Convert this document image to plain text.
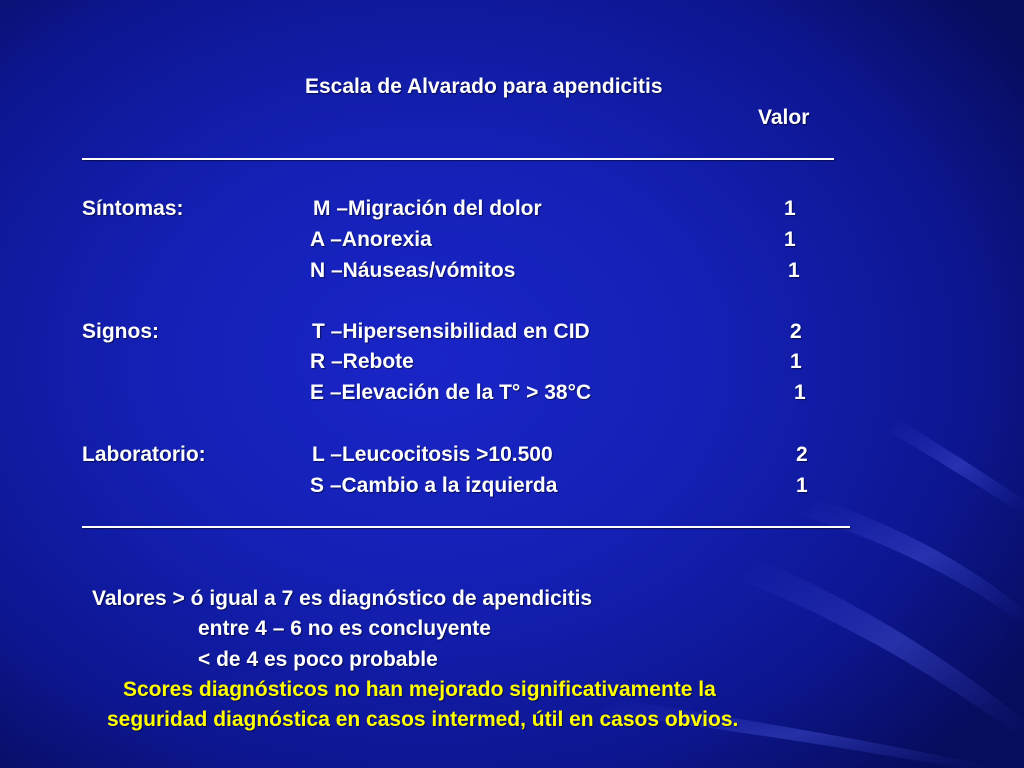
Escala de Alvarado para apendicitis
Valor
Síntomas:	M –Migración del dolor	1
A –Anorexia	1
N –Náuseas/vómitos	1
Signos:	T –Hipersensibilidad en CID	2
R –Rebote	1
E –Elevación de la T° > 38°C	1
Laboratorio:	L –Leucocitosis >10.500	2
S –Cambio a la izquierda	1
Valores > ó igual a 7 es diagnóstico de apendicitis
entre 4 – 6 no es concluyente
< de 4 es poco probable
Scores diagnósticos no han mejorado significativamente la
seguridad diagnóstica en casos intermed, útil en casos obvios.
